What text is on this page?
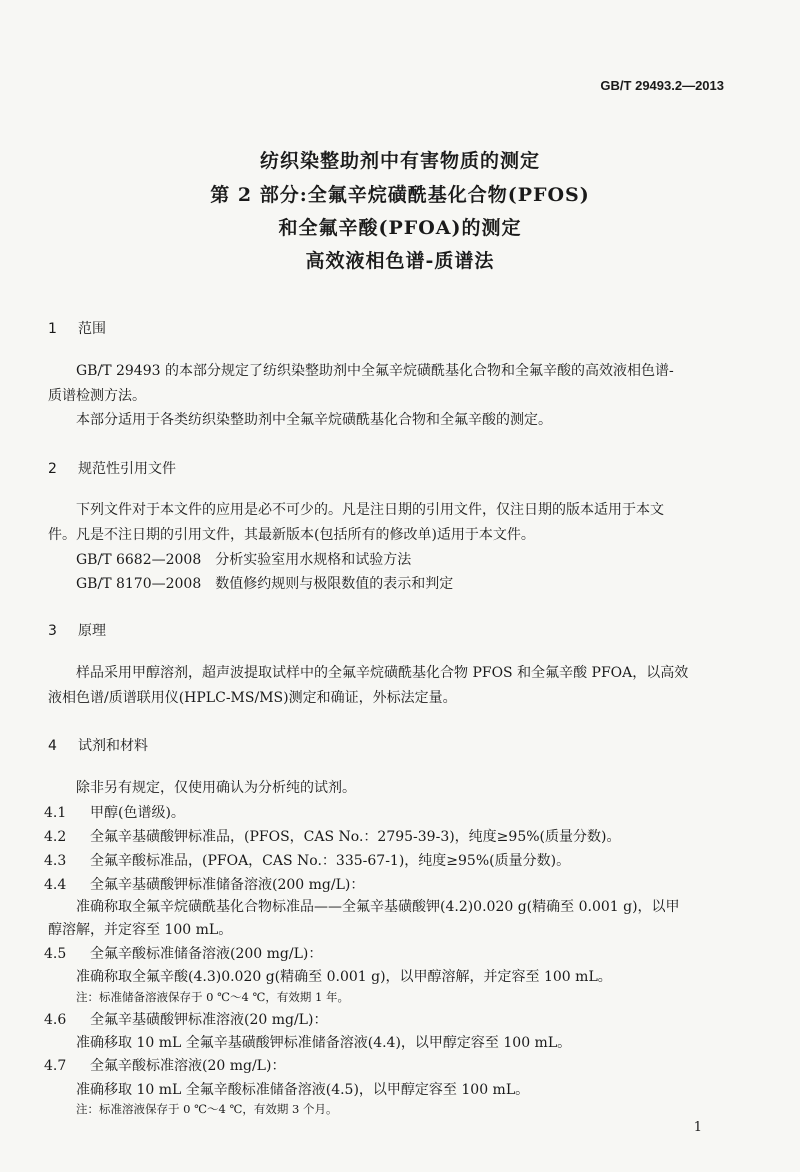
GB/T 29493.2—2013
纺织染整助剂中有害物质的测定
第 2 部分:全氟辛烷磺酰基化合物(PFOS)
和全氟辛酸(PFOA)的测定
高效液相色谱-质谱法
1 范围
GB/T 29493 的本部分规定了纺织染整助剂中全氟辛烷磺酰基化合物和全氟辛酸的高效液相色谱-
质谱检测方法。
本部分适用于各类纺织染整助剂中全氟辛烷磺酰基化合物和全氟辛酸的测定。
2 规范性引用文件
下列文件对于本文件的应用是必不可少的。凡是注日期的引用文件，仅注日期的版本适用于本文
件。凡是不注日期的引用文件，其最新版本(包括所有的修改单)适用于本文件。
GB/T 6682—2008　分析实验室用水规格和试验方法
GB/T 8170—2008　数值修约规则与极限数值的表示和判定
3 原理
样品采用甲醇溶剂，超声波提取试样中的全氟辛烷磺酰基化合物 PFOS 和全氟辛酸 PFOA，以高效
液相色谱/质谱联用仪(HPLC-MS/MS)测定和确证，外标法定量。
4 试剂和材料
除非另有规定，仅使用确认为分析纯的试剂。
4.1 甲醇(色谱级)。
4.2 全氟辛基磺酸钾标准品，(PFOS，CAS No.：2795-39-3)，纯度≥95%(质量分数)。
4.3 全氟辛酸标准品，(PFOA，CAS No.：335-67-1)，纯度≥95%(质量分数)。
4.4 全氟辛基磺酸钾标准储备溶液(200 mg/L)：
准确称取全氟辛烷磺酰基化合物标准品——全氟辛基磺酸钾(4.2)0.020 g(精确至 0.001 g)，以甲
醇溶解，并定容至 100 mL。
4.5 全氟辛酸标准储备溶液(200 mg/L)：
准确称取全氟辛酸(4.3)0.020 g(精确至 0.001 g)，以甲醇溶解，并定容至 100 mL。
注：标准储备溶液保存于 0 ℃～4 ℃，有效期 1 年。
4.6 全氟辛基磺酸钾标准溶液(20 mg/L)：
准确移取 10 mL 全氟辛基磺酸钾标准储备溶液(4.4)，以甲醇定容至 100 mL。
4.7 全氟辛酸标准溶液(20 mg/L)：
准确移取 10 mL 全氟辛酸标准储备溶液(4.5)，以甲醇定容至 100 mL。
注：标准溶液保存于 0 ℃～4 ℃，有效期 3 个月。
1
